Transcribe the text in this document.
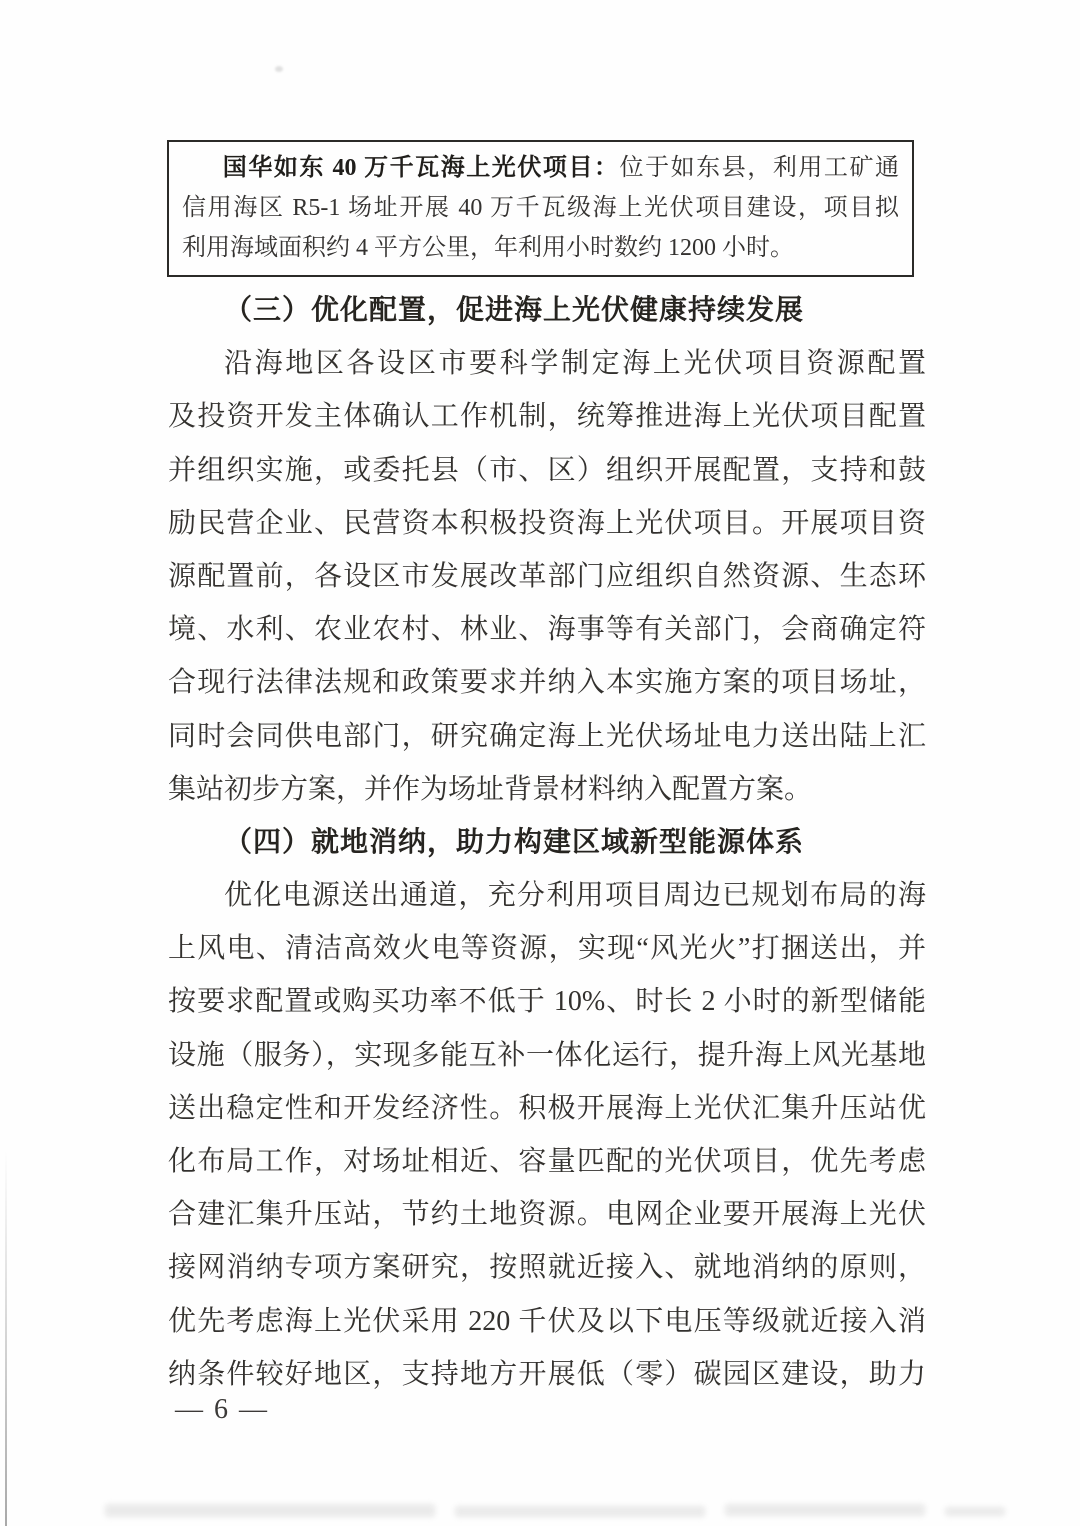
国华如东 40 万千瓦海上光伏项目：位于如东县，利用工矿通
信用海区 R5-1 场址开展 40 万千瓦级海上光伏项目建设，项目拟
利用海域面积约 4 平方公里，年利用小时数约 1200 小时。
（三）优化配置，促进海上光伏健康持续发展
沿海地区各设区市要科学制定海上光伏项目资源配置
及投资开发主体确认工作机制，统筹推进海上光伏项目配置
并组织实施，或委托县（市、区）组织开展配置，支持和鼓
励民营企业、民营资本积极投资海上光伏项目。开展项目资
源配置前，各设区市发展改革部门应组织自然资源、生态环
境、水利、农业农村、林业、海事等有关部门，会商确定符
合现行法律法规和政策要求并纳入本实施方案的项目场址，
同时会同供电部门，研究确定海上光伏场址电力送出陆上汇
集站初步方案，并作为场址背景材料纳入配置方案。
（四）就地消纳，助力构建区域新型能源体系
优化电源送出通道，充分利用项目周边已规划布局的海
上风电、清洁高效火电等资源，实现“风光火”打捆送出，并
按要求配置或购买功率不低于 10%、时长 2 小时的新型储能
设施（服务），实现多能互补一体化运行，提升海上风光基地
送出稳定性和开发经济性。积极开展海上光伏汇集升压站优
化布局工作，对场址相近、容量匹配的光伏项目，优先考虑
合建汇集升压站，节约土地资源。电网企业要开展海上光伏
接网消纳专项方案研究，按照就近接入、就地消纳的原则，
优先考虑海上光伏采用 220 千伏及以下电压等级就近接入消
纳条件较好地区，支持地方开展低（零）碳园区建设，助力
— 6 —
